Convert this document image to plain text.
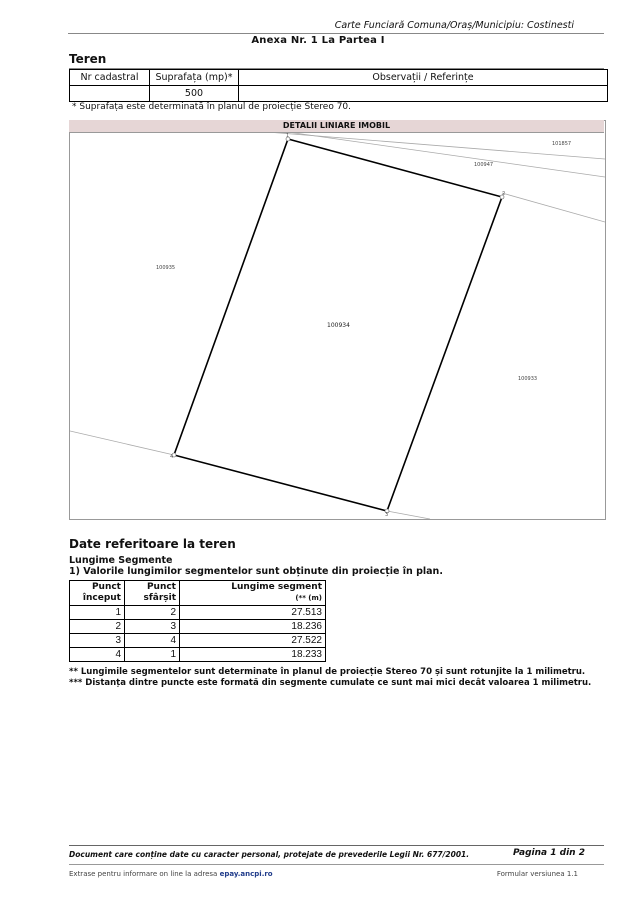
Carte Funciară Comuna/Oraș/Municipiu: Costinesti
Anexa Nr. 1 La Partea I
Teren
Nr cadastral	Suprafața (mp)*	Observații / Referințe
	500	
* Suprafața este determinată în planul de proiecție Stereo 70.
1
2
3
4
100934
100935
100947
101857
100933
DETALII LINIARE IMOBIL
Date referitoare la teren
Lungime Segmente
1) Valorile lungimilor segmentelor sunt obținute din proiecție în plan.
Punct început	Punct sfârșit	Lungime segment
(** (m)
1	2	27.513
2	3	18.236
3	4	27.522
4	1	18.233
** Lungimile segmentelor sunt determinate în planul de proiecție Stereo 70 și sunt rotunjite la 1 milimetru.
*** Distanța dintre puncte este formată din segmente cumulate ce sunt mai mici decât valoarea 1 milimetru.
Document care conține date cu caracter personal, protejate de prevederile Legii Nr. 677/2001.	Pagina 1 din 2
Extrase pentru informare on line la adresa epay.ancpi.ro	Formular versiunea 1.1
